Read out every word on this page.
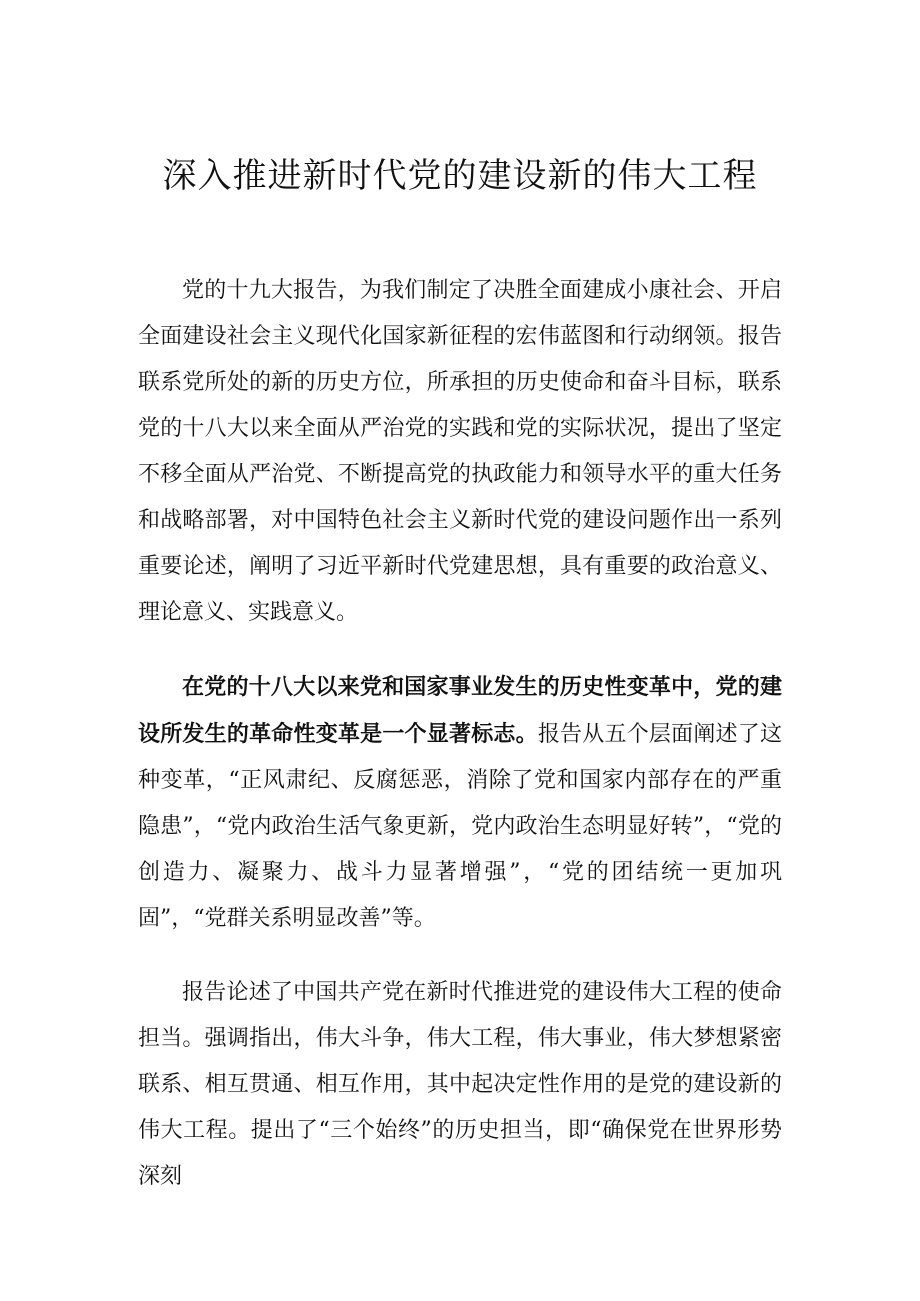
深入推进新时代党的建设新的伟大工程

党的十九大报告，为我们制定了决胜全面建成小康社会、开启全面建设社会主义现代化国家新征程的宏伟蓝图和行动纲领。报告联系党所处的新的历史方位，所承担的历史使命和奋斗目标，联系党的十八大以来全面从严治党的实践和党的实际状况，提出了坚定不移全面从严治党、不断提高党的执政能力和领导水平的重大任务和战略部署，对中国特色社会主义新时代党的建设问题作出一系列重要论述，阐明了习近平新时代党建思想，具有重要的政治意义、理论意义、实践意义。

在党的十八大以来党和国家事业发生的历史性变革中，党的建设所发生的革命性变革是一个显著标志。报告从五个层面阐述了这种变革，“正风肃纪、反腐惩恶，消除了党和国家内部存在的严重隐患”，“党内政治生活气象更新，党内政治生态明显好转”，“党的创造力、凝聚力、战斗力显著增强”，“党的团结统一更加巩固”，“党群关系明显改善”等。

报告论述了中国共产党在新时代推进党的建设伟大工程的使命担当。强调指出，伟大斗争，伟大工程，伟大事业，伟大梦想紧密联系、相互贯通、相互作用，其中起决定性作用的是党的建设新的伟大工程。提出了“三个始终”的历史担当，即“确保党在世界形势深刻
